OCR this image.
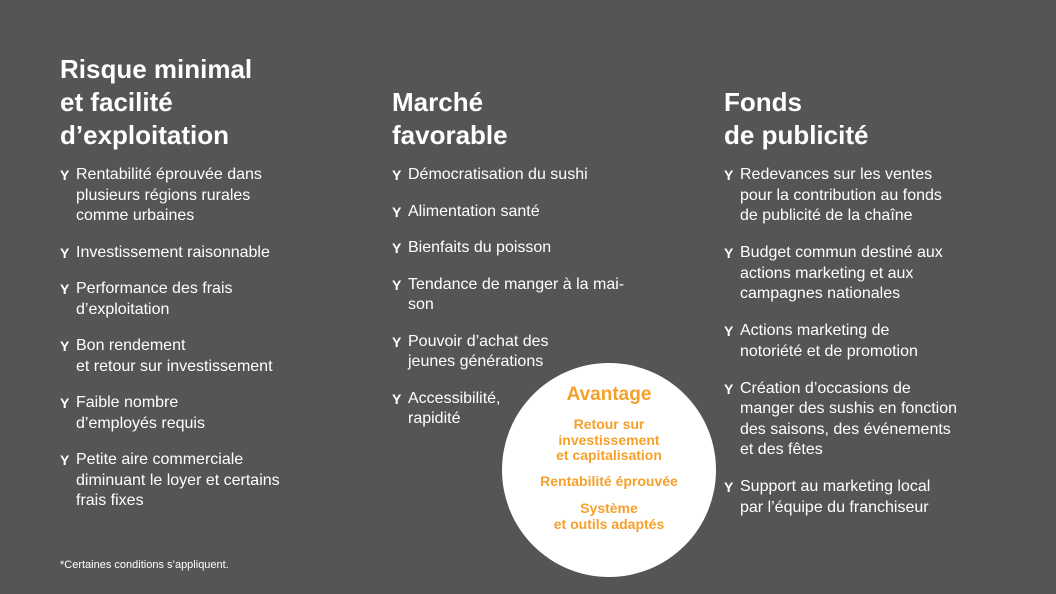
Risque minimal
et facilité
d’exploitation
Y Rentabilité éprouvée dans
plusieurs régions rurales
comme urbaines
Y Investissement raisonnable
Y Performance des frais
d’exploitation
Y Bon rendement
et retour sur investissement
Y Faible nombre
d’employés requis
Y Petite aire commerciale
diminuant le loyer et certains
frais fixes
Marché
favorable
Y Démocratisation du sushi
Y Alimentation santé
Y Bienfaits du poisson
Y Tendance de manger à la mai-
son
Y Pouvoir d’achat des
jeunes générations
Y Accessibilité,
rapidité
Fonds
de publicité
Y Redevances sur les ventes
pour la contribution au fonds
de publicité de la chaîne
Y Budget commun destiné aux
actions marketing et aux
campagnes nationales
Y Actions marketing de
notoriété et de promotion
Y Création d’occasions de
manger des sushis en fonction
des saisons, des événements
et des fêtes
Y Support au marketing local
par l’équipe du franchiseur
Avantage
Retour sur
investissement
et capitalisation
Rentabilité éprouvée
Système
et outils adaptés
*Certaines conditions s’appliquent.
